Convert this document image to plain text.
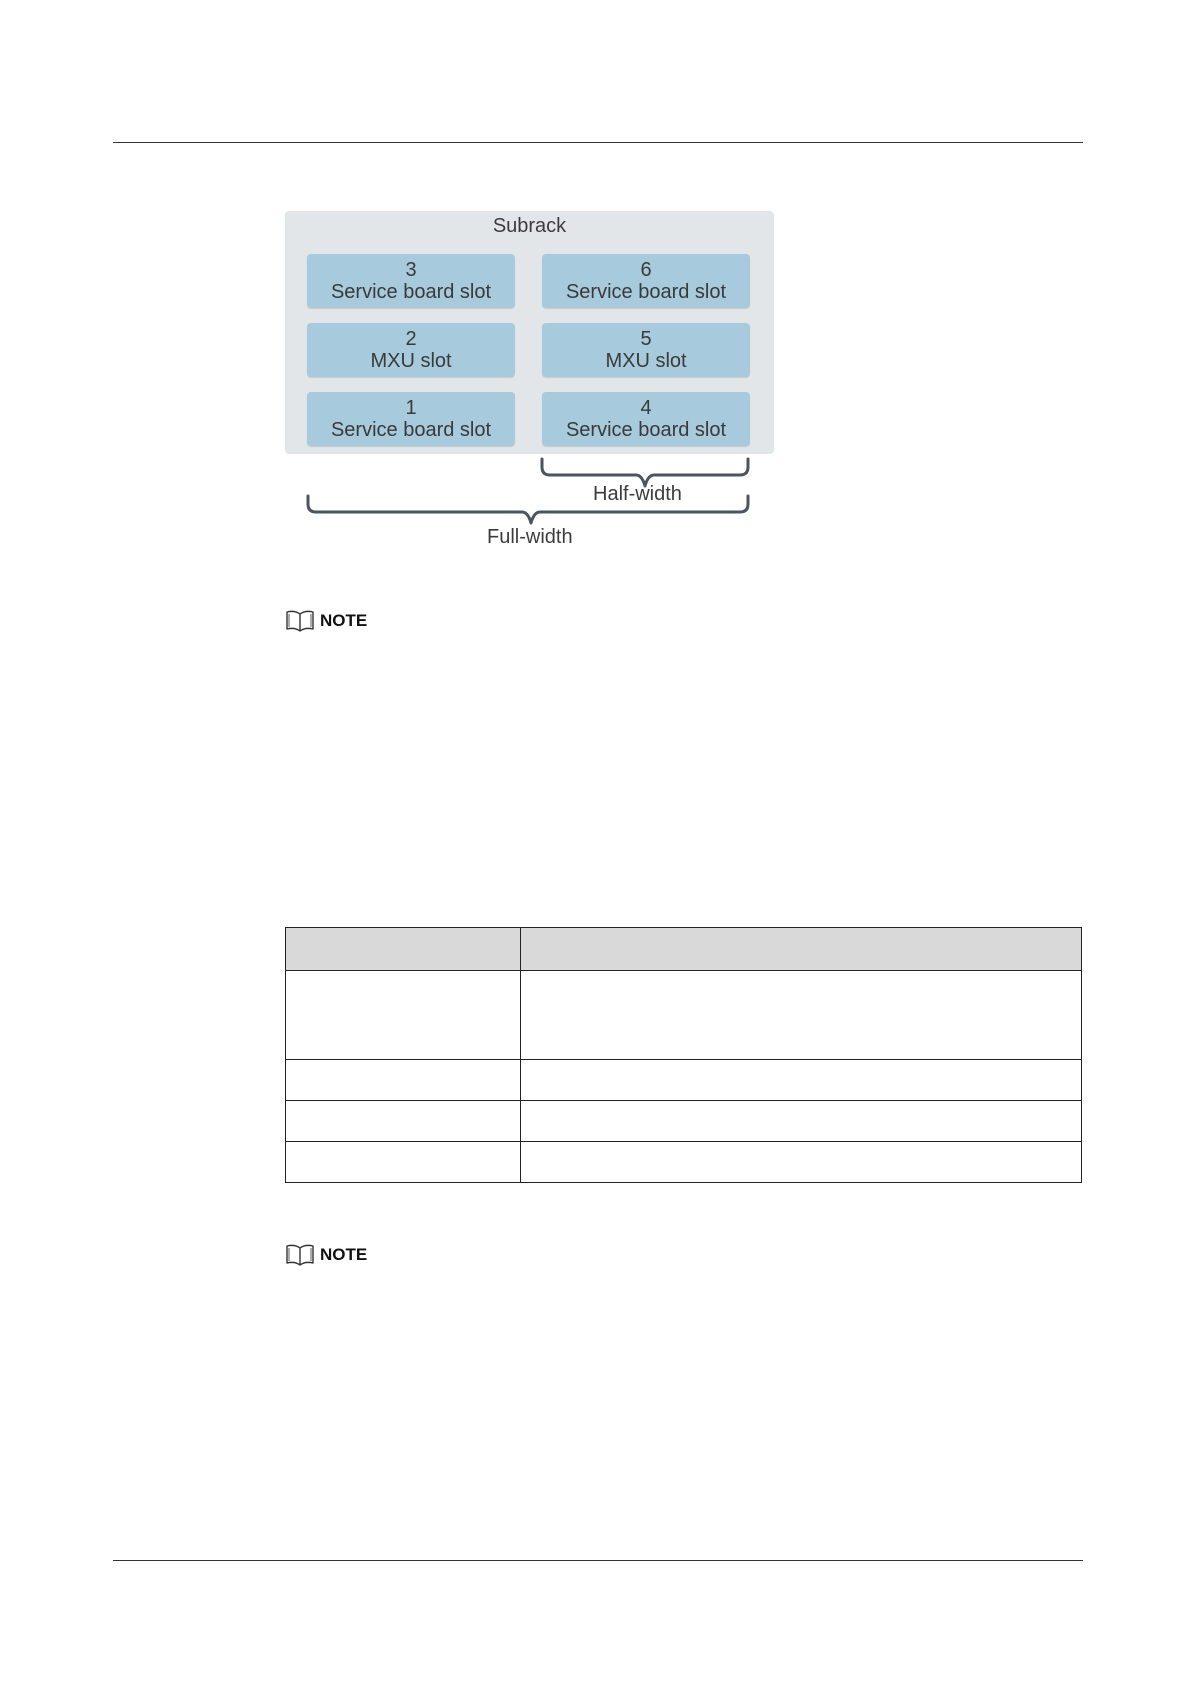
Subrack
3
Service board slot
6
Service board slot
2
MXU slot
5
MXU slot
1
Service board slot
4
Service board slot
Half-width
Full-width
NOTE

NOTE
